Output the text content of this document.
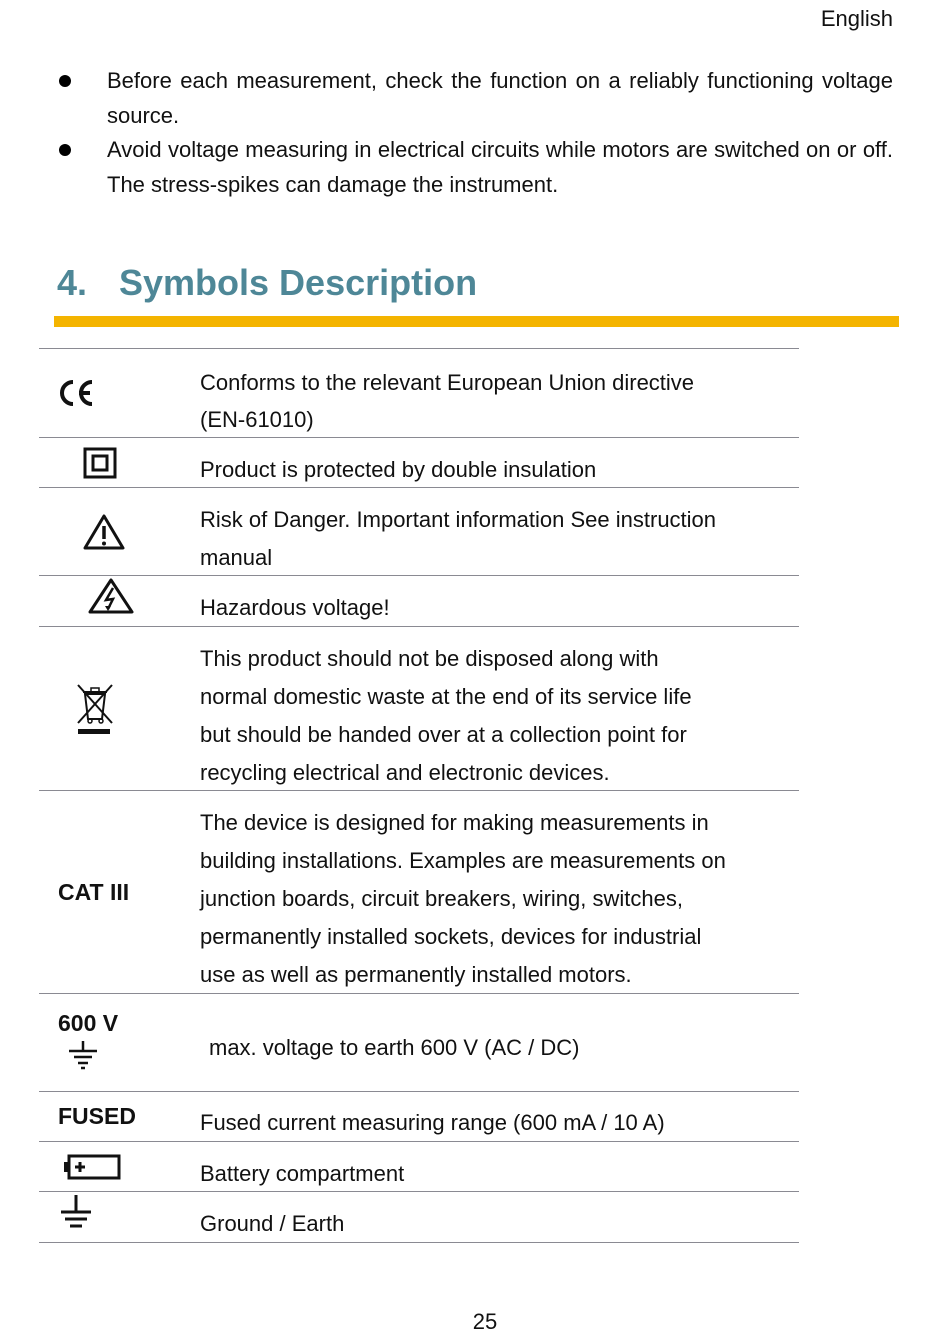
English
Before each measurement, check the function on a reliably functioning voltage source.
Avoid voltage measuring in electrical circuits while motors are switched on or off. The stress-spikes can damage the instrument.
4. Symbols Description
Conforms to the relevant European Union directive
(EN-61010)
Product is protected by double insulation
Risk of Danger. Important information See instruction
manual
Hazardous voltage!
This product should not be disposed along with
normal domestic waste at the end of its service life
but should be handed over at a collection point for
recycling electrical and electronic devices.
CAT III
The device is designed for making measurements in
building installations. Examples are measurements on
junction boards, circuit breakers, wiring, switches,
permanently installed sockets, devices for industrial
use as well as permanently installed motors.
600 V
max. voltage to earth 600 V (AC / DC)
FUSED	Fused current measuring range (600 mA / 10 A)
Battery compartment
Ground / Earth
25
